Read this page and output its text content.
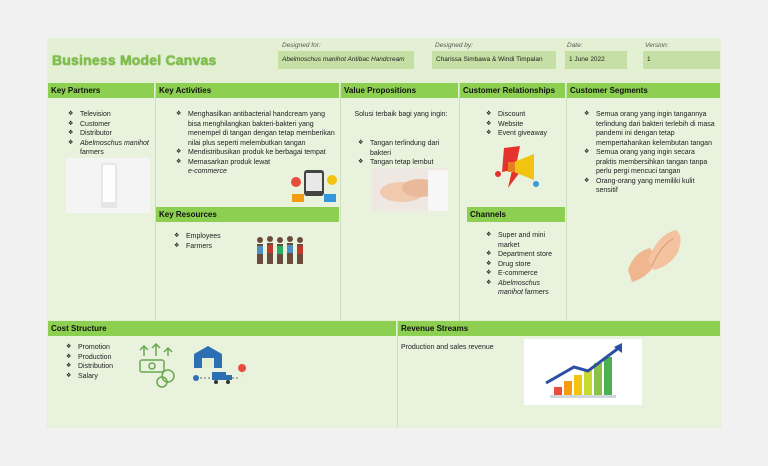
Business Model Canvas
Designed for:
Abelmoschus manihot Antibac Handcream
Designed by:
Charissa Simbawa & Windi Timpalan
Date:
1 June 2022
Version:
1
Key Partners	Key Activities	Value Propositions	Customer Relationships	Customer Segments
Key Resources	Channels
Cost Structure	Revenue Streams
❖ Television
❖ Customer
❖ Distributor
❖ Abelmoschus manihot farmers
❖ Menghasilkan antibacterial handcream yang bisa menghilangkan bakteri-bakteri yang menempel di tangan dengan tetap memberikan nilai plus seperti melembutkan tangan
❖ Mendistribusikan produk ke berbagai tempat
❖ Memasarkan produk lewat
e-commerce
❖ Employees
❖ Farmers
Solusi terbaik bagi yang ingin:
❖ Tangan terlindung dari bakteri
❖ Tangan tetap lembut
❖ Discount
❖ Website
❖ Event giveaway
❖ Super and mini market
❖ Department store
❖ Drug store
❖ E-commerce
❖ Abelmoschus manihot farmers
❖ Semua orang yang ingin tangannya terlindung dari bakteri terlebih di masa pandemi ini dengan tetap mempertahankan kelembutan tangan
❖ Semua orang yang ingin secara praktis membersihkan tangan tanpa perlu pergi mencuci tangan
❖ Orang-orang yang memiliki kulit sensitif
❖ Promotion
❖ Production
❖ Distribution
❖ Salary
Production and sales revenue
